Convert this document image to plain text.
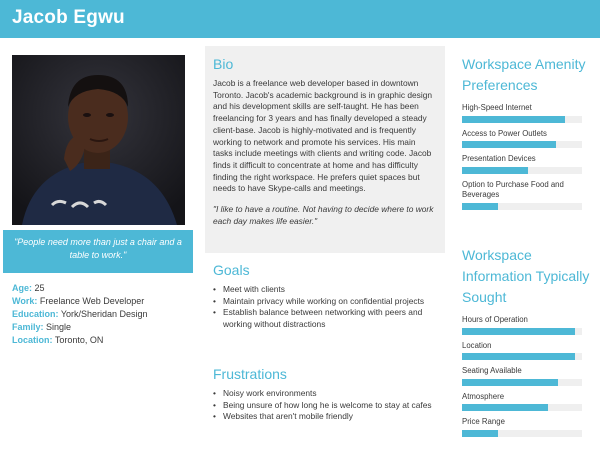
Jacob Egwu
"People need more than just a chair and a table to work."
Age: 25
Work: Freelance Web Developer
Education: York/Sheridan Design
Family: Single
Location: Toronto, ON
Bio

Jacob is a freelance web developer based in downtown Toronto. Jacob's academic background is in graphic design and his development skills are self-taught. He has been freelancing for 3 years and has finally developed a steady client-base. Jacob is highly-motivated and is frequently working to network and promote his services. His main tasks include meetings with clients and writing code. Jacob finds it difficult to concentrate at home and has difficulty finding the right workspace. He prefers quiet spaces but needs to have Skype-calls and meetings.

"I like to have a routine. Not having to decide where to work each day makes life easier."

Goals
• Meet with clients
• Maintain privacy while working on confidential projects
• Establish balance between networking with peers and working without distractions
Frustrations
• Noisy work environments
• Being unsure of how long he is welcome to stay at cafes
• Websites that aren't mobile friendly
Workspace Amenity Preferences
High-Speed Internet
Access to Power Outlets
Presentation Devices
Option to Purchase Food and Beverages
Workspace Information Typically Sought
Hours of Operation
Location
Seating Available
Atmosphere
Price Range
